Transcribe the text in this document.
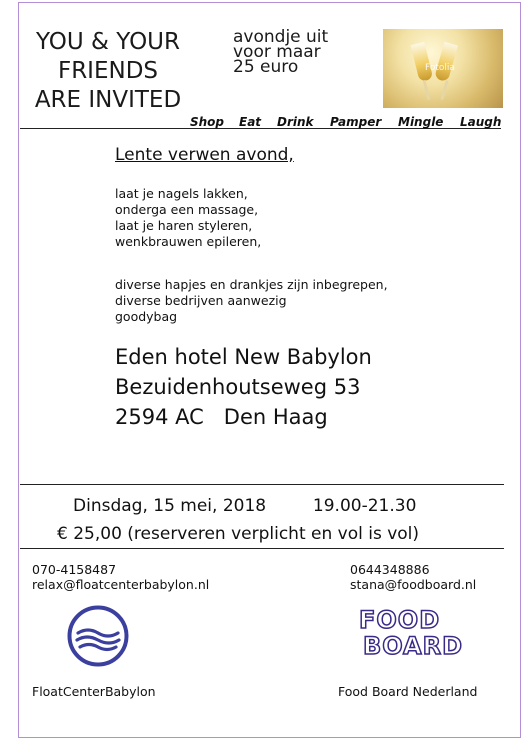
YOU & YOUR
FRIENDS
ARE INVITED
avondje uit
voor maar
25 euro	Fotolia
Shop Eat Drink Pamper Mingle Laugh
Lente verwen avond,
laat je nagels lakken,
onderga een massage,
laat je haren styleren,
wenkbrauwen epileren,
diverse hapjes en drankjes zijn inbegrepen,
diverse bedrijven aanwezig
goodybag
Eden hotel New Babylon
Bezuidenhoutseweg 53
2594 AC   Den Haag
Dinsdag, 15 mei, 2018	19.00-21.30
€ 25,00 (reserveren verplicht en vol is vol)
070-4158487
relax@floatcenterbabylon.nl
0644348886
stana@foodboard.nl
FOOD
BOARD
FloatCenterBabylon	Food Board Nederland
